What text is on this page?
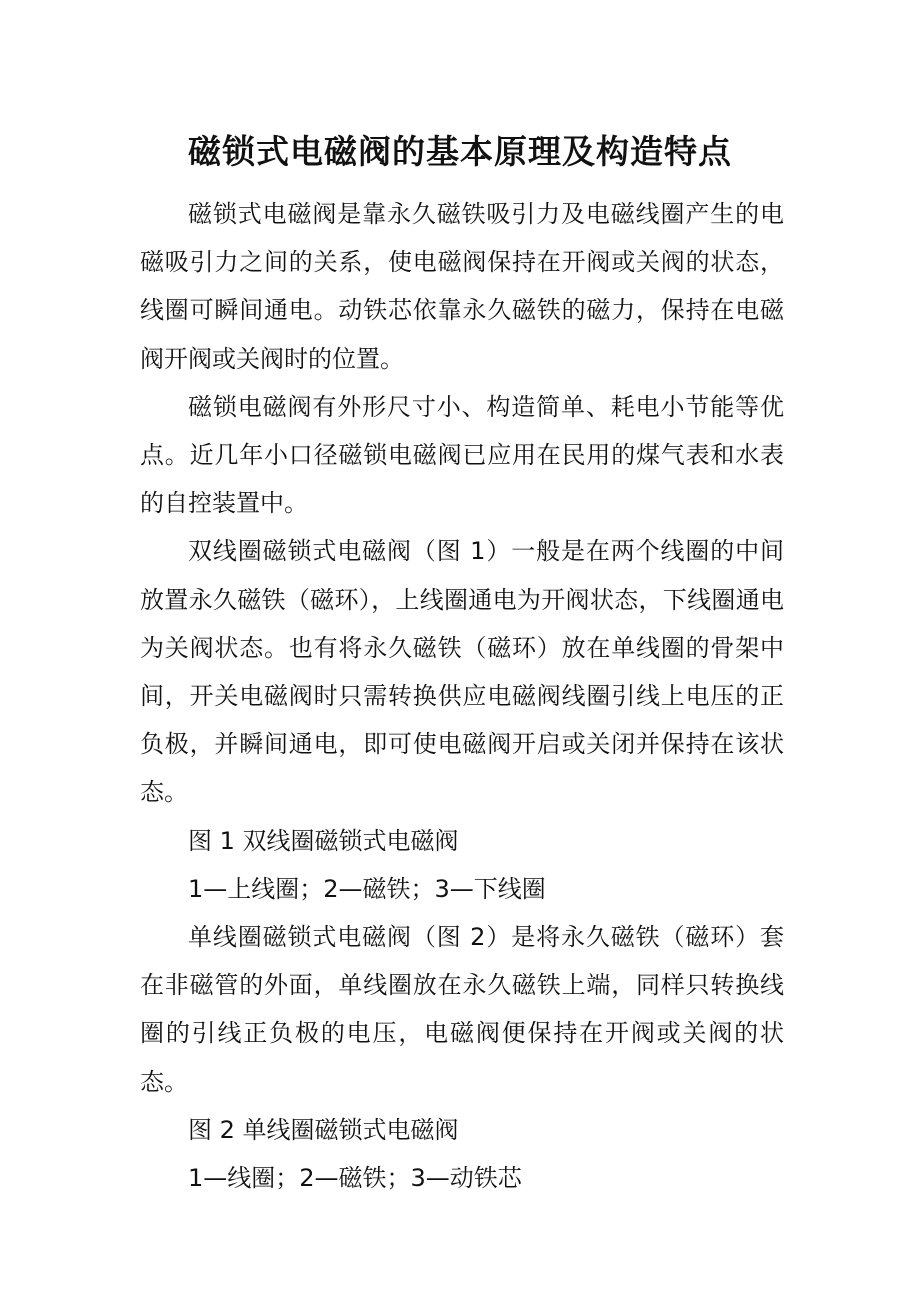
磁锁式电磁阀的基本原理及构造特点

磁锁式电磁阀是靠永久磁铁吸引力及电磁线圈产生的电磁吸引力之间的关系，使电磁阀保持在开阀或关阀的状态，线圈可瞬间通电。动铁芯依靠永久磁铁的磁力，保持在电磁阀开阀或关阀时的位置。

磁锁电磁阀有外形尺寸小、构造简单、耗电小节能等优点。近几年小口径磁锁电磁阀已应用在民用的煤气表和水表的自控装置中。

双线圈磁锁式电磁阀（图 1）一般是在两个线圈的中间放置永久磁铁（磁环），上线圈通电为开阀状态，下线圈通电为关阀状态。也有将永久磁铁（磁环）放在单线圈的骨架中间，开关电磁阀时只需转换供应电磁阀线圈引线上电压的正负极，并瞬间通电，即可使电磁阀开启或关闭并保持在该状态。

图 1 双线圈磁锁式电磁阀

1—上线圈；2—磁铁；3—下线圈

单线圈磁锁式电磁阀（图 2）是将永久磁铁（磁环）套在非磁管的外面，单线圈放在永久磁铁上端，同样只转换线圈的引线正负极的电压，电磁阀便保持在开阀或关阀的状态。

图 2 单线圈磁锁式电磁阀

1—线圈；2—磁铁；3—动铁芯
